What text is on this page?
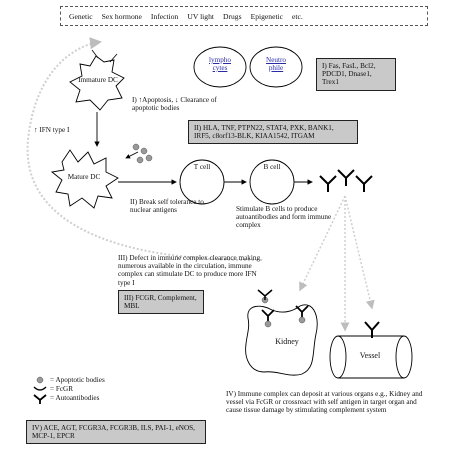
Genetic Sex hormone Infection UV light Drugs Epigenetic etc.
Immature DC
Mature DC
lympho cytes
Neutro phile
T cell	B cell
Kidney
Vessel
I) ↑Apoptosis, ↓ Clearance of apoptotic bodies
↑ IFN type I
II) Break self tolerance to nuclear antigens	Stimulate B cells to produce autoantibodies and form immune complex
III) Defect in immune complex clearance making numerous available in the circulation, immune complex can stimulate DC to produce more IFN type I
IV) Immune complex can deposit at various organs e.g., Kidney and vessel via FcGR or crossreact with self antigen in target organ and cause tissue damage by stimulating complement system
I) Fas, FasL, Bcl2, PDCD1, Dnase1, Trex1
II) HLA, TNF, PTPN22, STAT4, PXK, BANK1, IRF5, c8orf13-BLK, KIAA1542, ITGAM
III) FCGR, Complement, MBL
IV) ACE, AGT, FCGR3A, FCGR3B, ILS, PAI-1, eNOS, MCP-1, EPCR
= Apoptotic bodies
= FcGR
= Autoantibodies
